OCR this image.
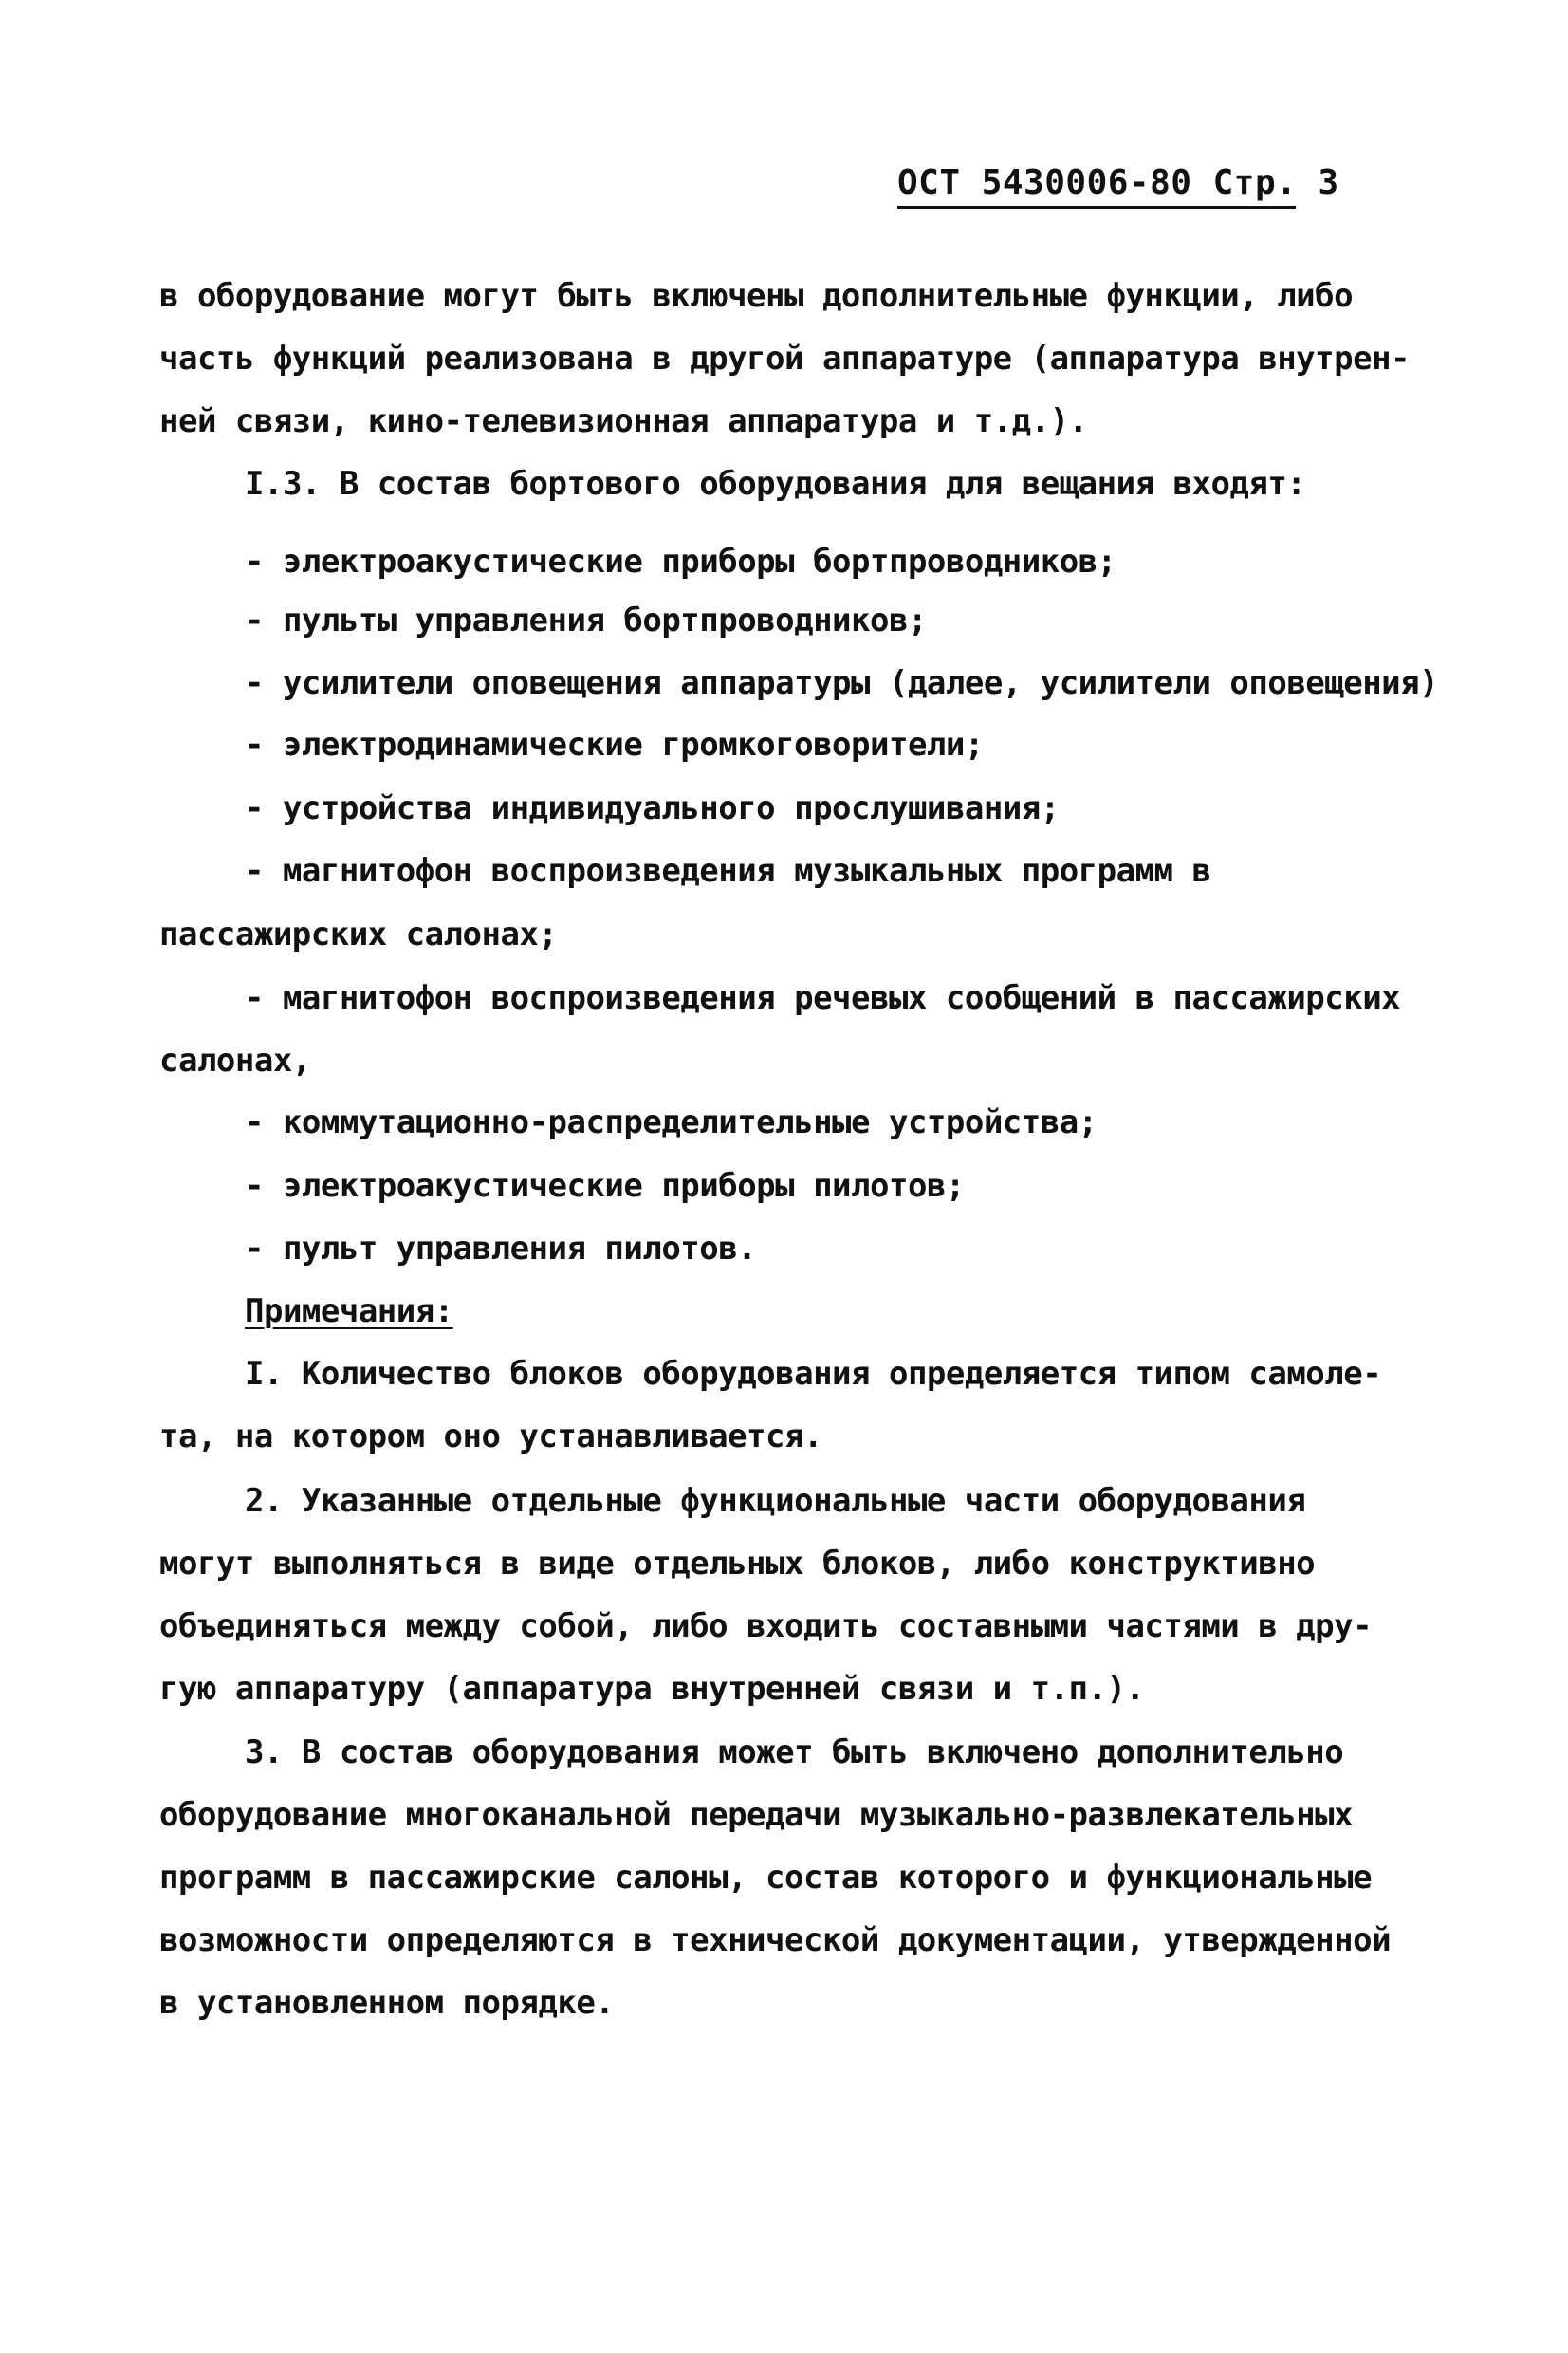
ОСТ 5430006-80 Стр. 3
в оборудование могут быть включены дополнительные функции, либо
часть функций реализована в другой аппаратуре (аппаратура внутрен-
ней связи, кино-телевизионная аппаратура и т.д.).
I.3. В состав бортового оборудования для вещания входят:
- электроакустические приборы бортпроводников;
- пульты управления бортпроводников;
- усилители оповещения аппаратуры (далее, усилители оповещения)
- электродинамические громкоговорители;
- устройства индивидуального прослушивания;
- магнитофон воспроизведения музыкальных программ в
пассажирских салонах;
- магнитофон воспроизведения речевых сообщений в пассажирских
салонах,
- коммутационно-распределительные устройства;
- электроакустические приборы пилотов;
- пульт управления пилотов.
Примечания:
I. Количество блоков оборудования определяется типом самоле-
та, на котором оно устанавливается.
2. Указанные отдельные функциональные части оборудования
могут выполняться в виде отдельных блоков, либо конструктивно
объединяться между собой, либо входить составными частями в дру-
гую аппаратуру (аппаратура внутренней связи и т.п.).
3. В состав оборудования может быть включено дополнительно
оборудование многоканальной передачи музыкально-развлекательных
программ в пассажирские салоны, состав которого и функциональные
возможности определяются в технической документации, утвержденной
в установленном порядке.
